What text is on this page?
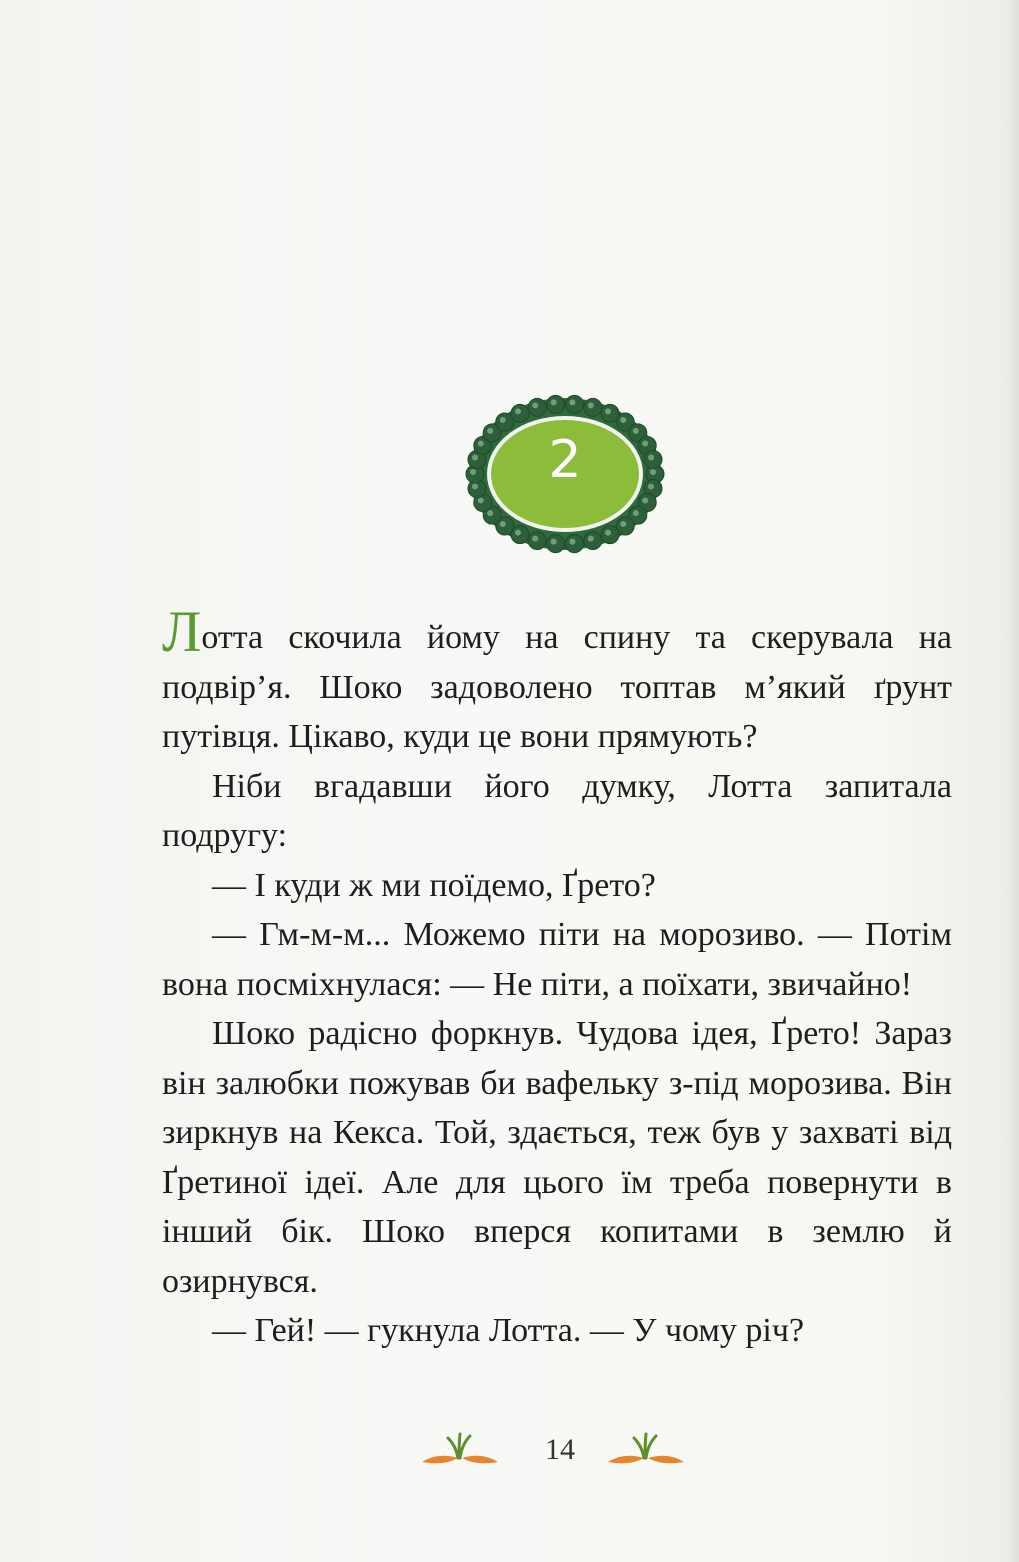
2

Лотта скочила йому на спину та скерувала на подвір’я. Шоко задоволено топтав м’який ґрунт путівця. Цікаво, куди це вони прямують?

Ніби вгадавши його думку, Лотта запитала подругу:

— І куди ж ми поїдемо, Ґрето?

— Гм-м-м... Можемо піти на морозиво. — Потім вона посміхнулася: — Не піти, а поїхати, звичайно!

Шоко радісно форкнув. Чудова ідея, Ґрето! Зараз він залюбки пожував би вафельку з-під морозива. Він зиркнув на Кекса. Той, здається, теж був у захваті від Ґретиної ідеї. Але для цього їм треба повернути в інший бік. Шоко вперся копитами в землю й озирнувся.

— Гей! — гукнула Лотта. — У чому річ?

14
